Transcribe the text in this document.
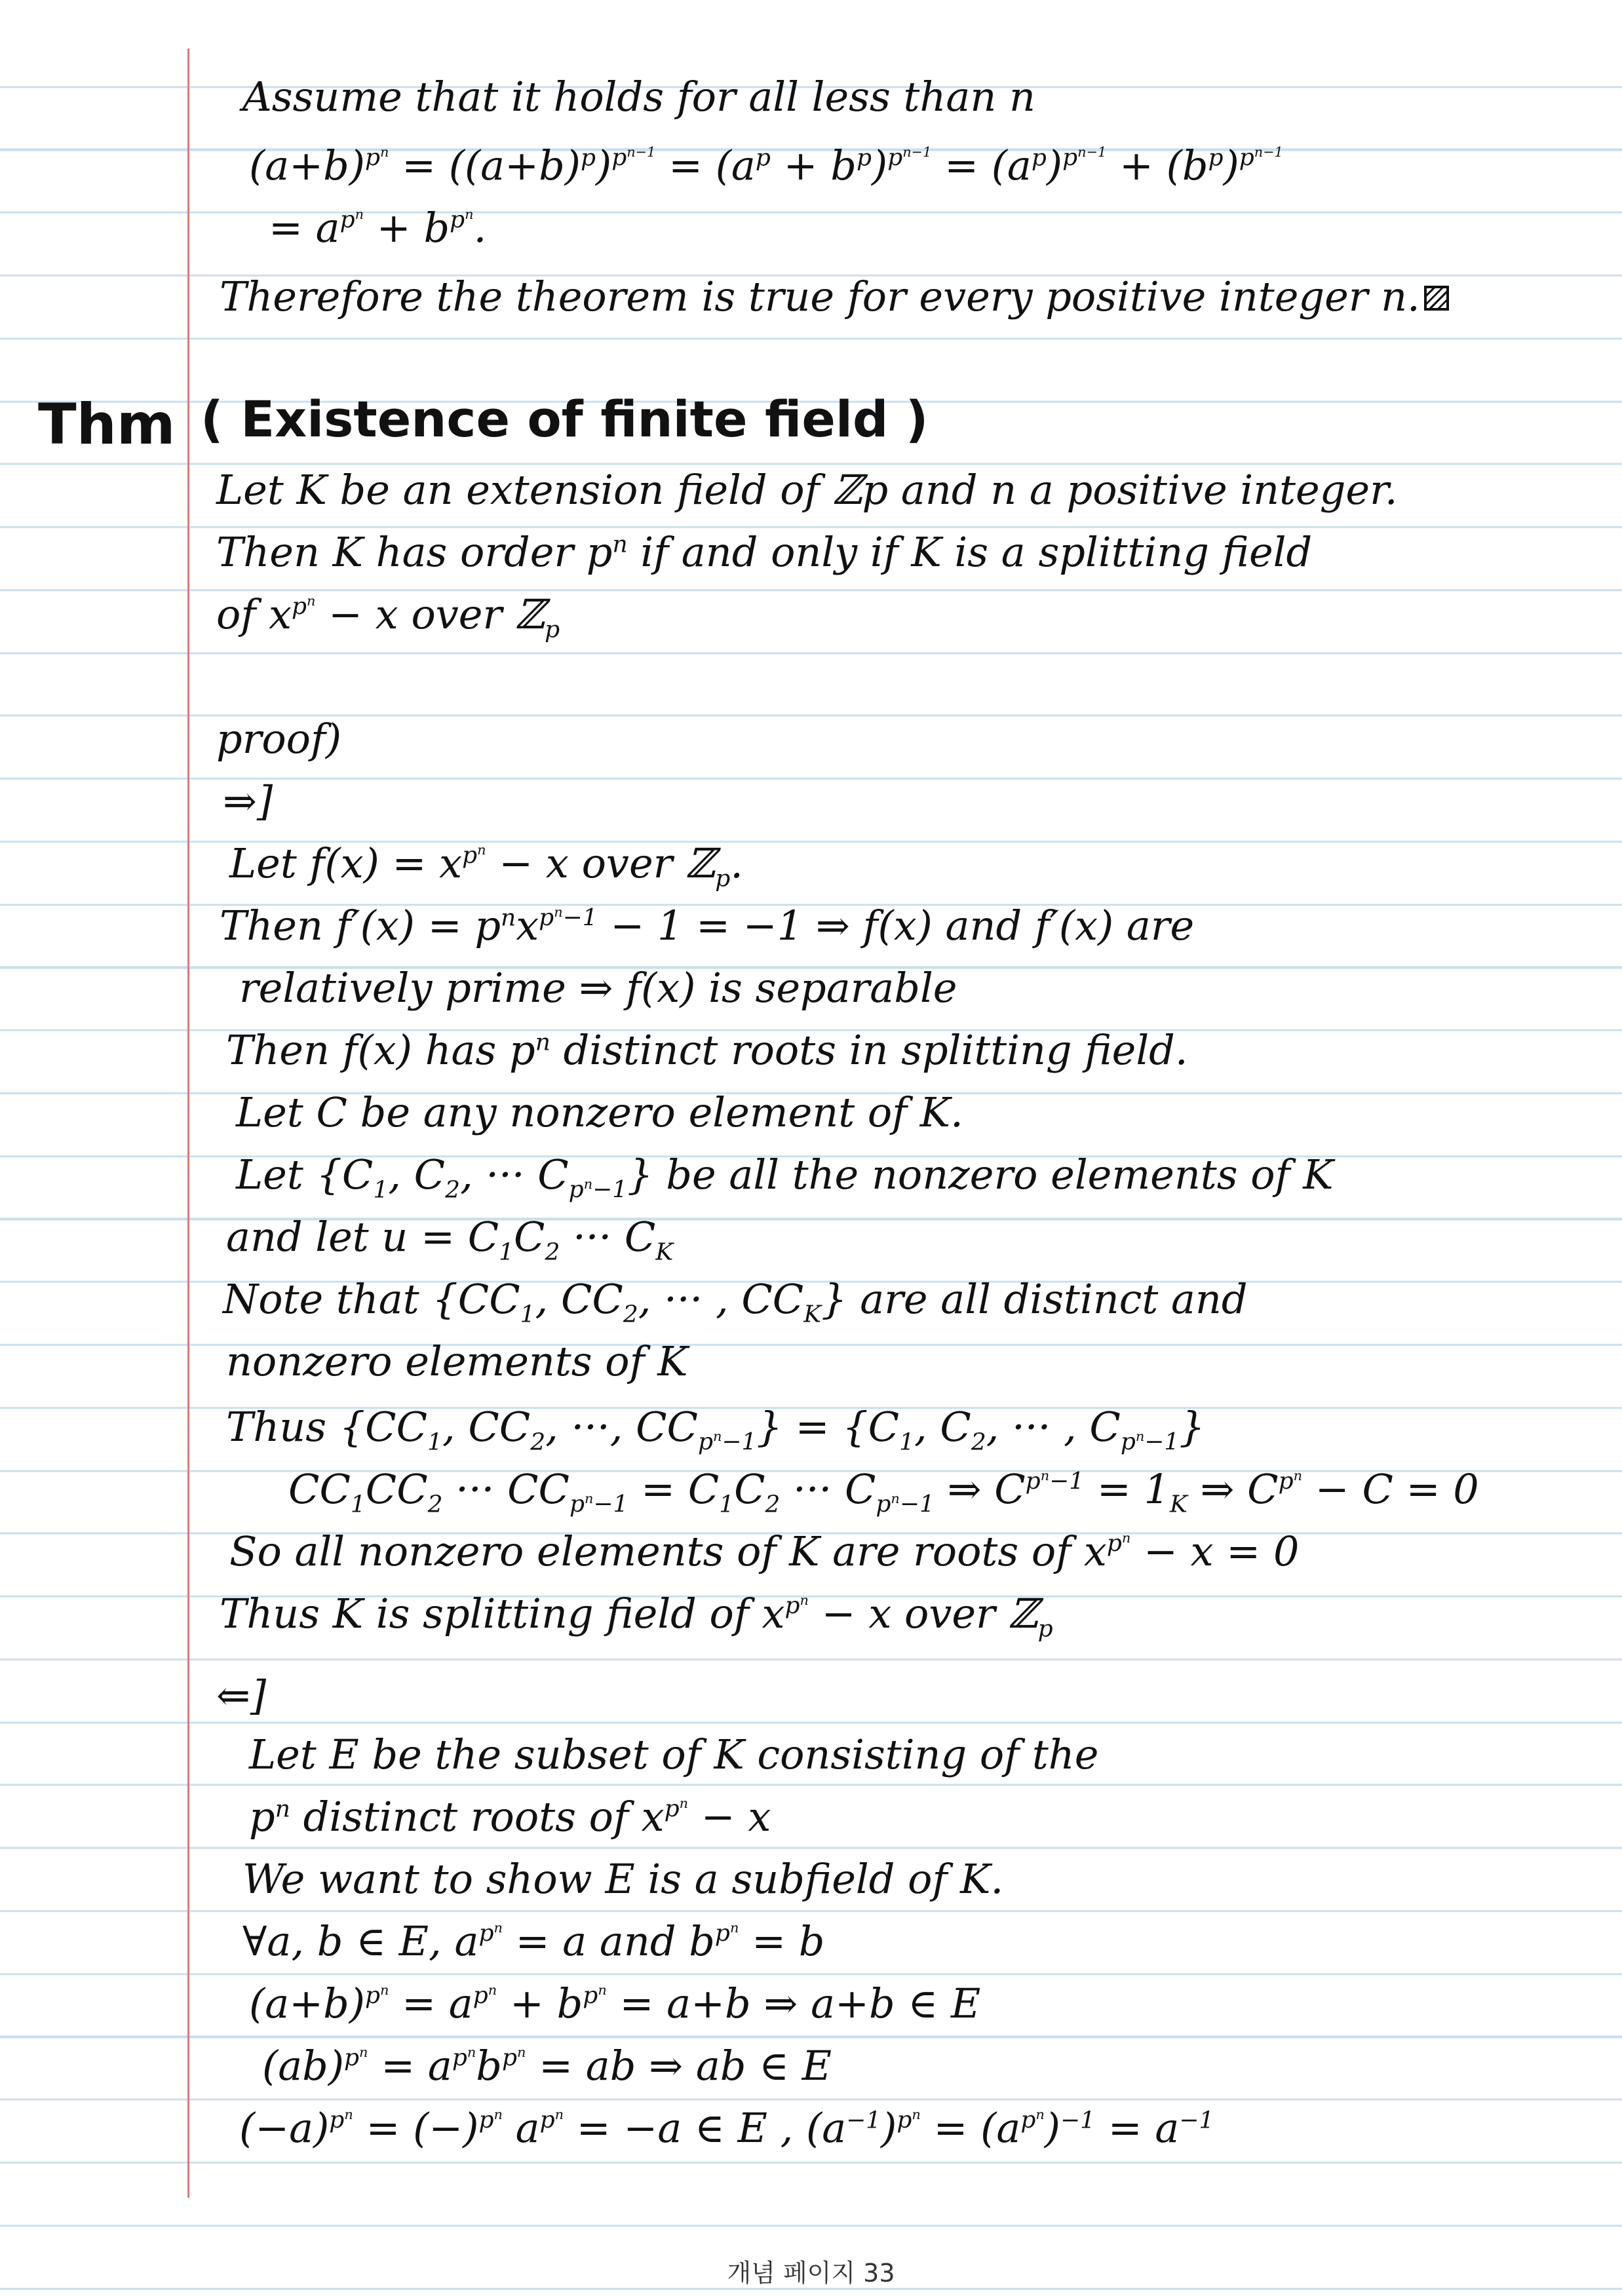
Assume that it holds for all less than n
$(a+b)^{p^n} = ((a+b)^p)^{p^{n-1}} = (a^p + b^p)^{p^{n-1}} = (a^p)^{p^{n-1}} + (b^p)^{p^{n-1}}$
= $a^{p^n} + b^{p^n}$.
Therefore the theorem is true for every positive integer n.
Thm ( Existence of finite field )
Let K be an extension field of ℤp and n a positive integer.
Then K has order $p^n$ if and only if K is a splitting field
of $x^{p^n} - x$ over ℤ$_p$
proof)
⇒]
Let $f(x) = x^{p^n} - x$ over ℤ$_p$.
Then $f'(x) = p^nx^{p^n-1} - 1 = -1$ ⇒ f(x) and f′(x) are
relatively prime ⇒ f(x) is separable
Then f(x) has $p^n$ distinct roots in splitting field.
Let C be any nonzero element of K.
Let {$C_1$, $C_2$, ··· $C_{p^n-1}$} be all the nonzero elements of K
and let $u = C_1C_2$ ··· $C_K$
Note that {$CC_1$, $CC_2$, ··· , $CC_K$} are all distinct and
nonzero elements of K
Thus {$CC_1$, $CC_2$, ···, $CC_{p^n-1}\} = \{C_1$, $C_2$, ··· , $C_{p^n-1}$}
$CC_1CC_2$ ··· $CC_{p^n-1} = C_1C_2$ ··· $C_{p^n-1}$ ⇒ $C^{p^n-1} = 1_K$ ⇒ $C^{p^n} - C = 0$
So all nonzero elements of K are roots of $x^{p^n} - x = 0$
Thus K is splitting field of $x^{p^n} - x$ over ℤ$_p$
⇐]
Let E be the subset of K consisting of the
$p^n$ distinct roots of $x^{p^n} - x$
We want to show E is a subfield of K.
∀a, b ∈ E, $a^{p^n} = a$ and $b^{p^n} = b$
$(a+b)^{p^n} = a^{p^n} + b^{p^n} = a+b$ ⇒ a+b ∈ E
$(ab)^{p^n} = a^{p^n}b^{p^n}$ = ab ⇒ ab ∈ E
$(-a)^{p^n} = (-)^{p^n}$ $a^{p^n} = -a$ ∈ E , $(a^{-1})^{p^n} = (a^{p^n})^{-1} = a^{-1}$
개념 페이지 33
